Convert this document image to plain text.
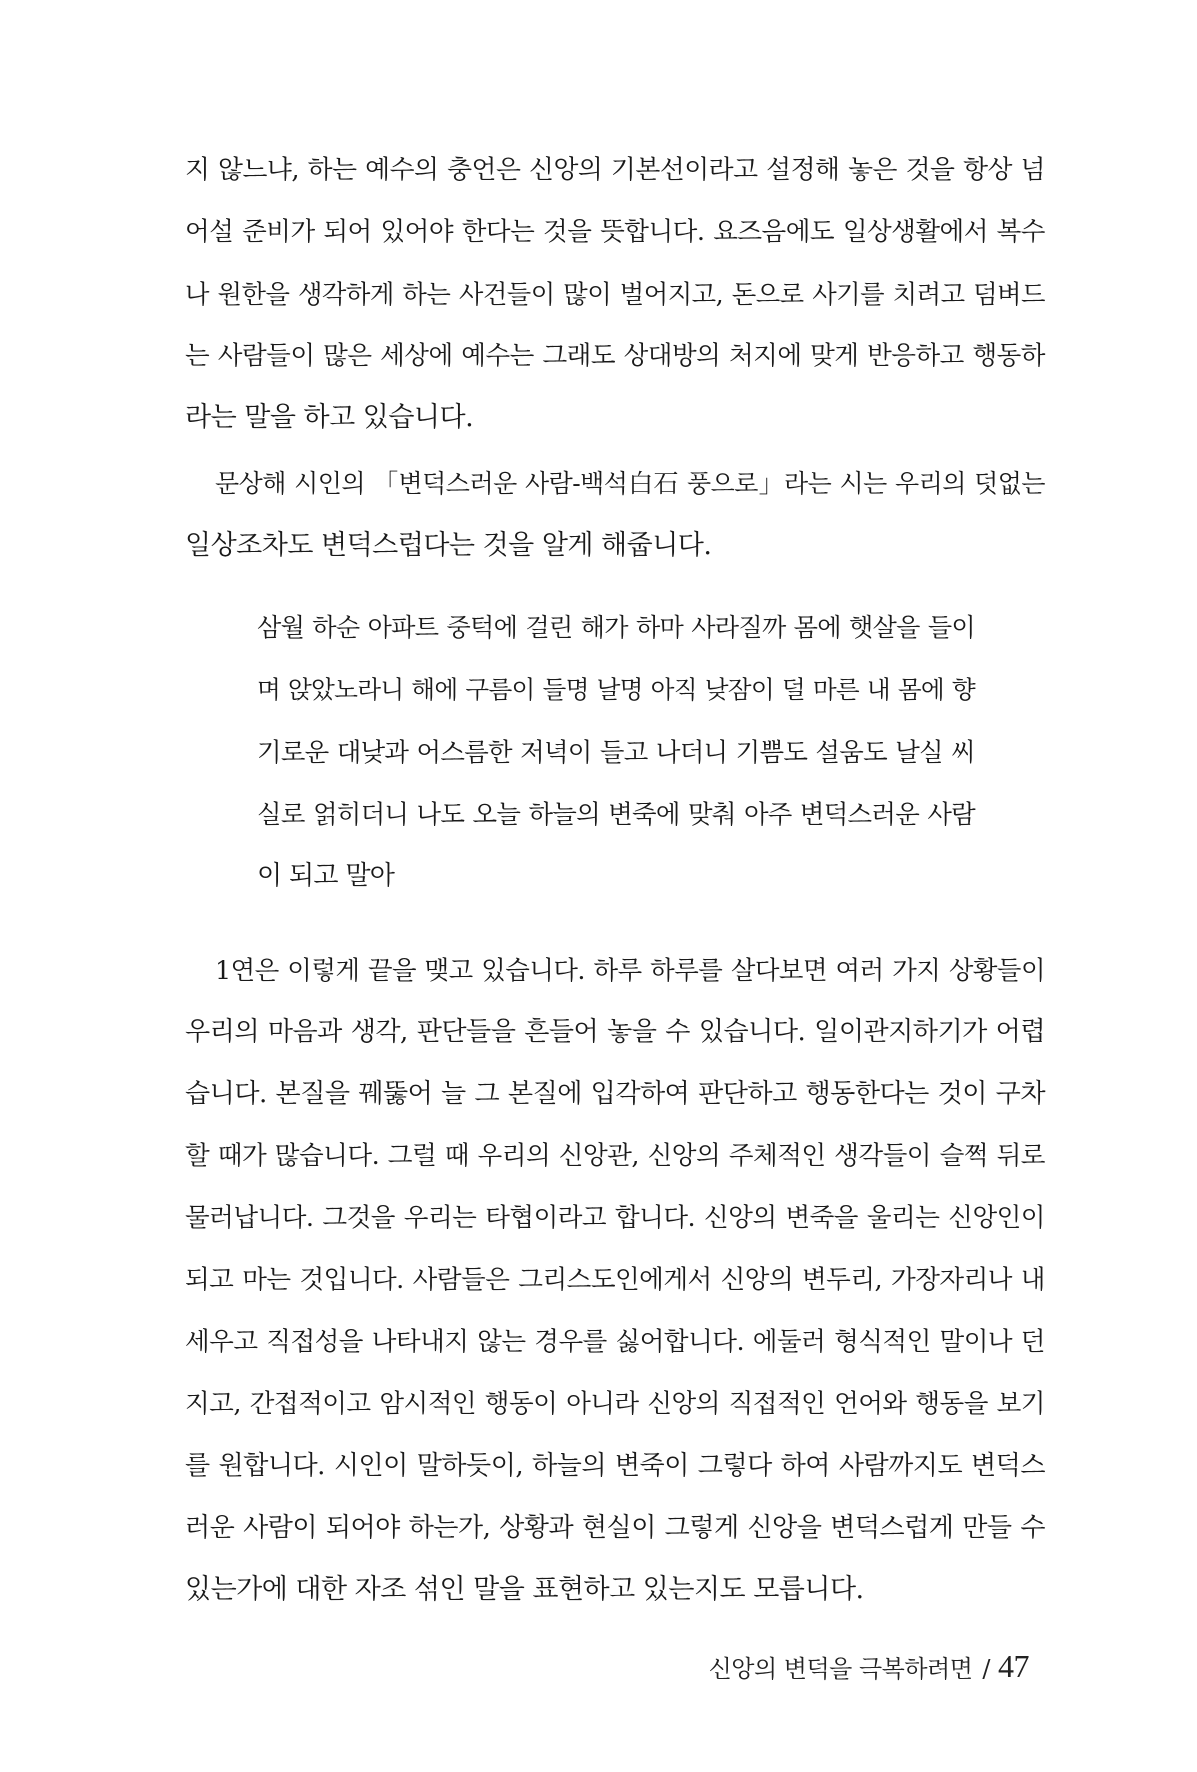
지 않느냐, 하는 예수의 충언은 신앙의 기본선이라고 설정해 놓은 것을 항상 넘
어설 준비가 되어 있어야 한다는 것을 뜻합니다. 요즈음에도 일상생활에서 복수
나 원한을 생각하게 하는 사건들이 많이 벌어지고, 돈으로 사기를 치려고 덤벼드
는 사람들이 많은 세상에 예수는 그래도 상대방의 처지에 맞게 반응하고 행동하
라는 말을 하고 있습니다.
문상해 시인의 「변덕스러운 사람-백석白石 풍으로」라는 시는 우리의 덧없는
일상조차도 변덕스럽다는 것을 알게 해줍니다.
삼월 하순 아파트 중턱에 걸린 해가 하마 사라질까 몸에 햇살을 들이
며 앉았노라니 해에 구름이 들명 날명 아직 낮잠이 덜 마른 내 몸에 향
기로운 대낮과 어스름한 저녁이 들고 나더니 기쁨도 설움도 날실 씨
실로 얽히더니 나도 오늘 하늘의 변죽에 맞춰 아주 변덕스러운 사람
이 되고 말아
1연은 이렇게 끝을 맺고 있습니다. 하루 하루를 살다보면 여러 가지 상황들이
우리의 마음과 생각, 판단들을 흔들어 놓을 수 있습니다. 일이관지하기가 어렵
습니다. 본질을 꿰뚫어 늘 그 본질에 입각하여 판단하고 행동한다는 것이 구차
할 때가 많습니다. 그럴 때 우리의 신앙관, 신앙의 주체적인 생각들이 슬쩍 뒤로
물러납니다. 그것을 우리는 타협이라고 합니다. 신앙의 변죽을 울리는 신앙인이
되고 마는 것입니다. 사람들은 그리스도인에게서 신앙의 변두리, 가장자리나 내
세우고 직접성을 나타내지 않는 경우를 싫어합니다. 에둘러 형식적인 말이나 던
지고, 간접적이고 암시적인 행동이 아니라 신앙의 직접적인 언어와 행동을 보기
를 원합니다. 시인이 말하듯이, 하늘의 변죽이 그렇다 하여 사람까지도 변덕스
러운 사람이 되어야 하는가, 상황과 현실이 그렇게 신앙을 변덕스럽게 만들 수
있는가에 대한 자조 섞인 말을 표현하고 있는지도 모릅니다.
신앙의 변덕을 극복하려면 / 47
